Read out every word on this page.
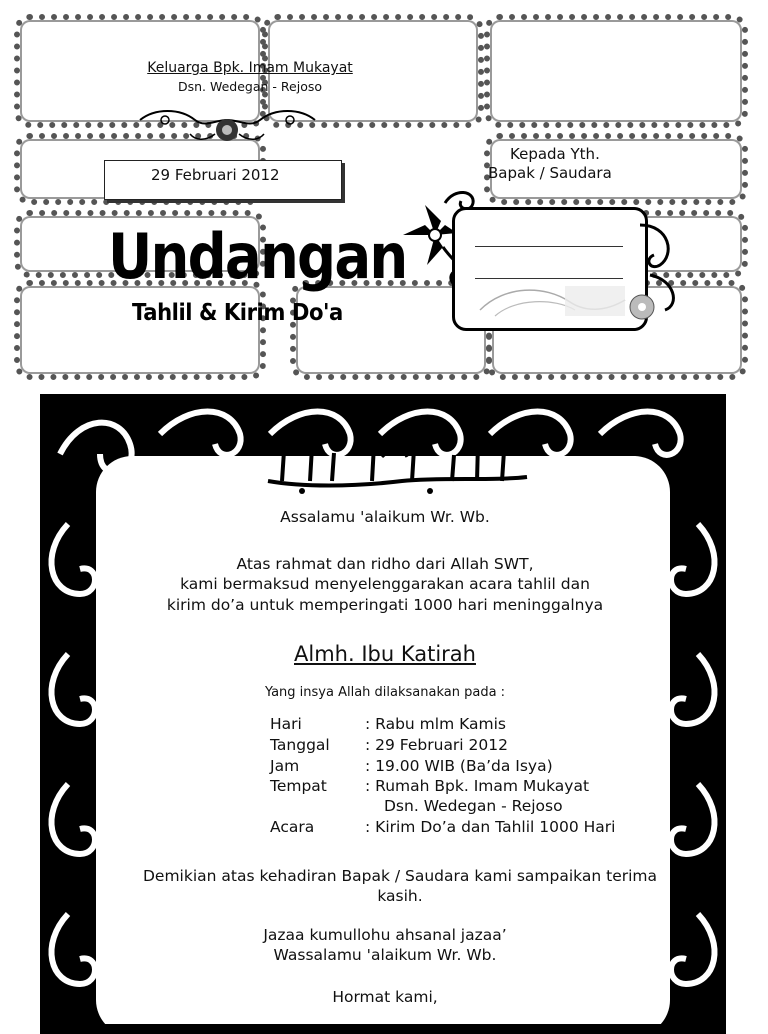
Keluarga Bpk. Imam Mukayat
Dsn. Wedegan - Rejoso
29 Februari 2012
Undangan
Tahlil & Kirim Do'a
Kepada Yth.
Bapak / Saudara
Assalamu 'alaikum Wr. Wb.
Atas rahmat dan ridho dari Allah SWT,
kami bermaksud menyelenggarakan acara tahlil dan
kirim do’a untuk memperingati 1000 hari meninggalnya
Almh. Ibu Katirah
Yang insya Allah dilaksanakan pada :
Hari	: Rabu mlm Kamis
Tanggal : 29 Februari 2012
Jam	: 19.00 WIB (Ba’da Isya)
Tempat : Rumah Bpk. Imam Mukayat
Dsn. Wedegan - Rejoso
Acara	: Kirim Do’a dan Tahlil 1000 Hari
Demikian atas kehadiran Bapak / Saudara kami sampaikan terima
kasih.
Jazaa kumullohu ahsanal jazaa’
Wassalamu 'alaikum Wr. Wb.
Hormat kami,
